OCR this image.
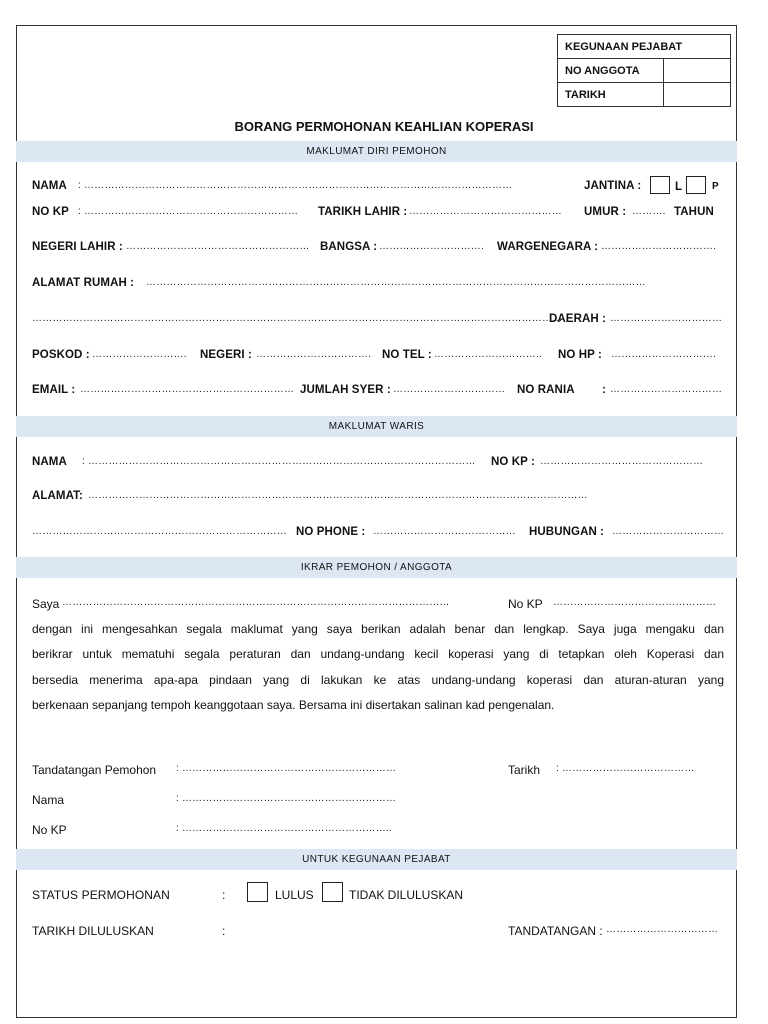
KEGUNAAN PEJABAT	
NO ANGGOTA	
TARIKH	
BORANG PERMOHONAN KEAHLIAN KOPERASI
MAKLUMAT DIRI PEMOHON
NAMA : ………………………………………………………………………………………………………………	JANTINA :	L	P
NO KP : ……………………………………………………… TARIKH LAHIR : ……………………………………… UMUR : ………. TAHUN
NEGERI LAHIR : ……………………………………………… BANGSA : …………………………. WARGENEGARA : …………………………….
ALAMAT RUMAH : …………………………………………………………………………………………………………………………………
…………………………………………………………………………………………………………………………………………
DAERAH : ……………………………
POSKOD : ………………………. NEGERI : ……………………………. NO TEL : ………………………….. NO HP : ………………………….
EMAIL : ……………………………………………………… JUMLAH SYER : …………………………… NO RANIA : ……………………………
MAKLUMAT WARIS
NAMA : …………………………………………………………………………………………………… NO KP : …………………………………………
ALAMAT: …………………………………………………………………………………………………………………………………
………………………………………………………………… NO PHONE : …………………………………… HUBUNGAN : ……………………………
IKRAR PEMOHON / ANGGOTA
Saya ……………………………………………………………………………………………………	No KP …………………………………………
dengan ini mengesahkan segala maklumat yang saya berikan adalah benar dan lengkap. Saya juga mengaku dan
berikrar untuk mematuhi segala peraturan dan undang-undang kecil koperasi yang di tetapkan oleh Koperasi dan
bersedia menerima apa-apa pindaan yang di lakukan ke atas undang-undang koperasi dan aturan-aturan yang
berkenaan sepanjang tempoh keanggotaan saya. Bersama ini disertakan salinan kad pengenalan.
Tandatangan Pemohon : ………………………………………………………	Tarikh : …………………………………
Nama	: ………………………………………………………
No KP	: ……………………………………………………..
UNTUK KEGUNAAN PEJABAT
STATUS PERMOHONAN	:	LULUS	TIDAK DILULUSKAN
TARIKH DILULUSKAN	:	TANDATANGAN : ……………………………
